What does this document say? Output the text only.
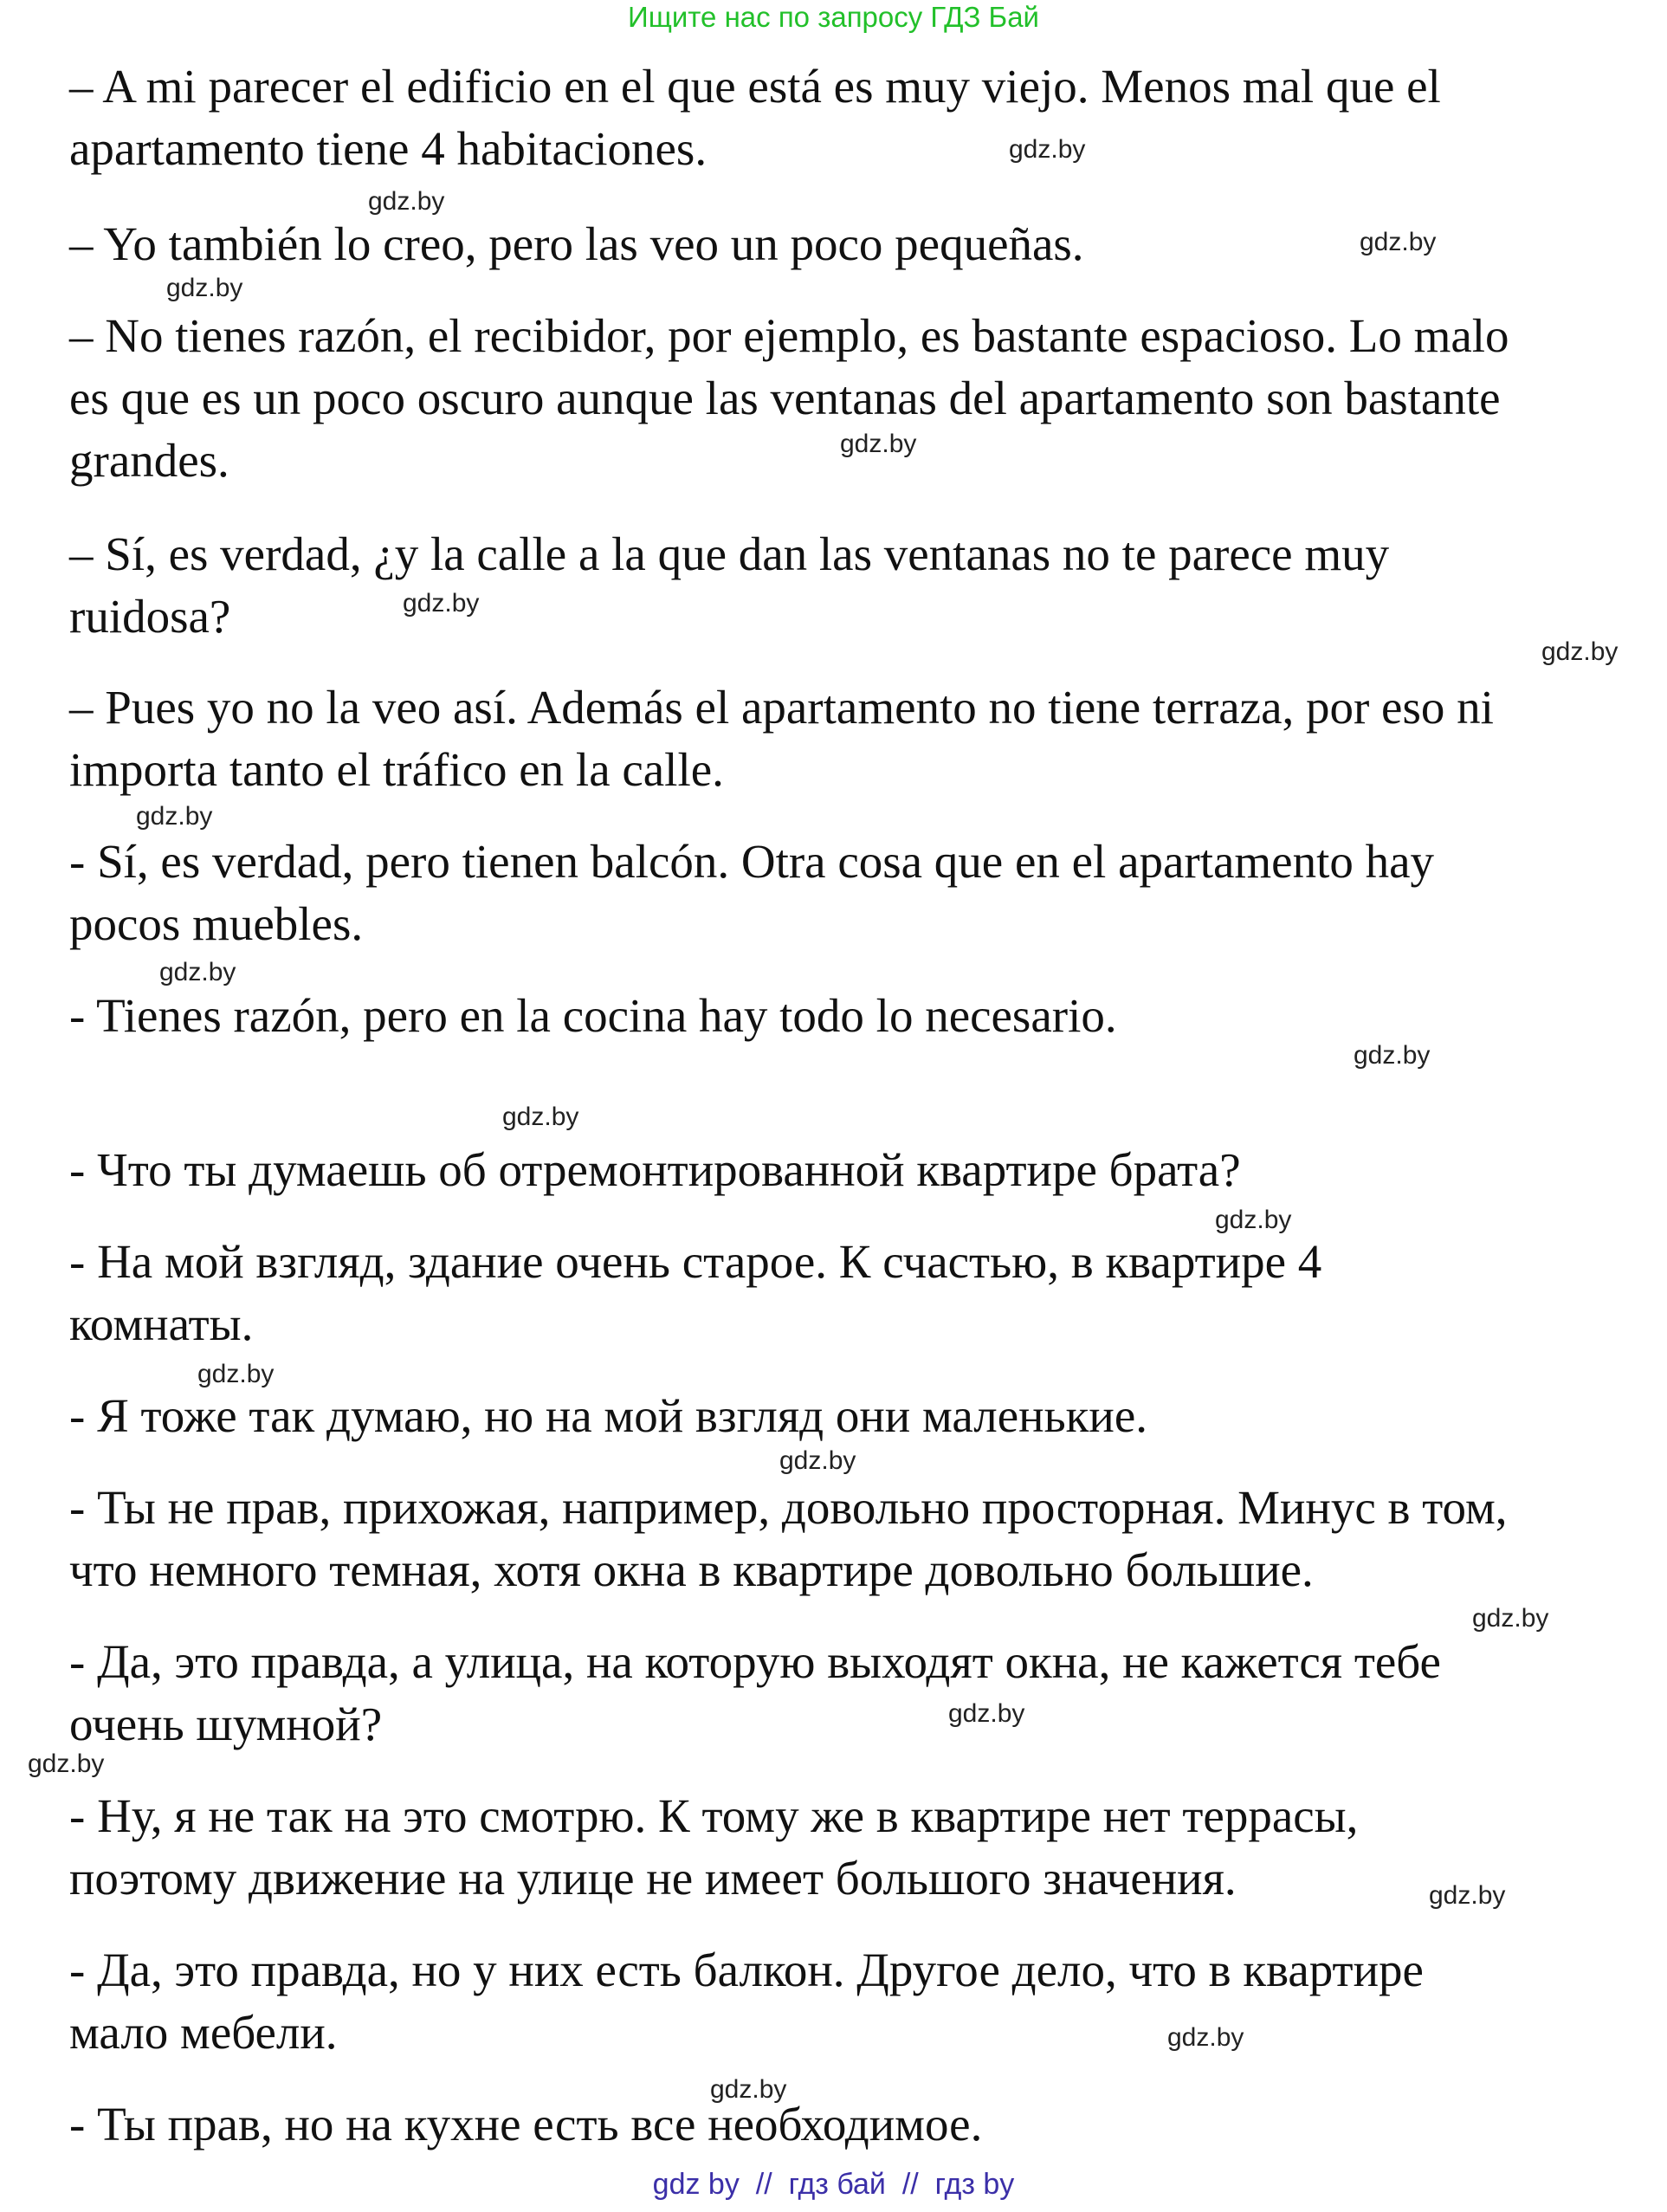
Ищите нас по запросу ГДЗ Бай

– A mi parecer el edificio en el que está es muy viejo. Menos mal que el
apartamento tiene 4 habitaciones.

– Yo también lo creo, pero las veo un poco pequeñas.

– No tienes razón, el recibidor, por ejemplo, es bastante espacioso. Lo malo
es que es un poco oscuro aunque las ventanas del apartamento son bastante
grandes.

– Sí, es verdad, ¿y la calle a la que dan las ventanas no te parece muy
ruidosa?

– Pues yo no la veo así. Además el apartamento no tiene terraza, por eso ni
importa tanto el tráfico en la calle.

- Sí, es verdad, pero tienen balcón. Otra cosa que en el apartamento hay
pocos muebles.

- Tienes razón, pero en la cocina hay todo lo necesario.

- Что ты думаешь об отремонтированной квартире брата?

- На мой взгляд, здание очень старое. К счастью, в квартире 4
комнаты.

- Я тоже так думаю, но на мой взгляд они маленькие.

- Ты не прав, прихожая, например, довольно просторная. Минус в том,
что немного темная, хотя окна в квартире довольно большие.

- Да, это правда, а улица, на которую выходят окна, не кажется тебе
очень шумной?

- Ну, я не так на это смотрю. К тому же в квартире нет террасы,
поэтому движение на улице не имеет большого значения.

- Да, это правда, но у них есть балкон. Другое дело, что в квартире
мало мебели.

- Ты прав, но на кухне есть все необходимое.

gdz.by
gdz.by
gdz.by
gdz.by
gdz.by
gdz.by
gdz.by
gdz.by
gdz.by
gdz.by
gdz.by
gdz.by
gdz.by
gdz.by
gdz.by
gdz.by
gdz.by
gdz.by
gdz.by
gdz.by
gdz by // гдз бай // гдз by
